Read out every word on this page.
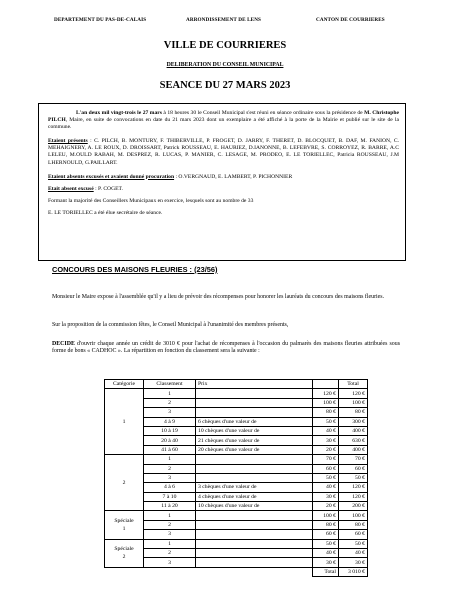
DEPARTEMENT DU PAS-DE-CALAIS	ARRONDISSEMENT DE LENS	CANTON DE COURRIERES
VILLE DE COURRIERES
DELIBERATION DU CONSEIL MUNICIPAL
SEANCE DU 27 MARS 2023

L'an deux mil vingt-trois le 27 mars à 18 heures 30 le Conseil Municipal s'est réuni en séance ordinaire sous la présidence de M. Christophe PILCH, Maire, en suite de convocations en date du 21 mars 2023 dont un exemplaire a été affiché à la porte de la Mairie et publié sur le site de la commune.

Etaient présents : C. PILCH, B. MONTURY, F. THIBERVILLE, P. FROGET, D. JARRY, F. THERET, D. BLOCQUET, B. DAF, M. FANION, C. MEHAIGNERY, A. LE ROUX, D. DROISSART, Patrick ROUSSEAU, E. HAURIEZ, D.IANONNE, B. LEFEBVRE, S. CORROYEZ, R. BARRE, A.C LELEU, M.OULD RABAH, M. DESPREZ, R. LUCAS, P. MANIER, C. LESAGE, M. PRODEO, E. LE TORIELLEC, Patricia ROUSSEAU, J.M LHERNOULD, G.PAILLART.

Etaient absents excusés et avaient donné procuration : O.VERGNAUD, E. LAMBERT, P. PICHONNIER

Etait absent excusé : P. COGET.

Formant la majorité des Conseillers Municipaux en exercice, lesquels sont au nombre de 33

E. LE TORIELLEC a été élue secrétaire de séance.

CONCOURS DES MAISONS FLEURIES : (23/56)
Monsieur le Maire expose à l'assemblée qu'il y a lieu de prévoir des récompenses pour honorer les lauréats du concours des maisons fleuries.
Sur la proposition de la commission fêtes, le Conseil Municipal à l'unanimité des membres présents,
DECIDE d'ouvrir chaque année un crédit de 3010 € pour l'achat de récompenses à l'occasion du palmarès des maisons fleuries attribuées sous forme de bons « CADHOC ». La répartition en fonction du classement sera la suivante :
Catégorie	Classement	Prix		Total
1	1		120 €	120 €
	2		100 €	100 €
	3		80 €	80 €
	4 à 9	6 chèques d'une valeur de	50 €	300 €
	10 à 19	10 chèques d'une valeur de	40 €	400 €
	20 à 40	21 chèques d'une valeur de	30 €	630 €
	41 à 60	20 chèques d'une valeur de	20 €	400 €
2	1		70 €	70 €
	2		60 €	60 €
	3		50 €	50 €
	4 à 6	3 chèques d'une valeur de	40 €	120 €
	7 à 10	4 chèques d'une valeur de	30 €	120 €
	11 à 20	10 chèques d'une valeur de	20 €	200 €
Spéciale
1	1		100 €	100 €
	2		80 €	80 €
	3		60 €	60 €
Spéciale
2	1		50 €	50 €
	2		40 €	40 €
	3		30 €	30 €
			Total	3 010 €
